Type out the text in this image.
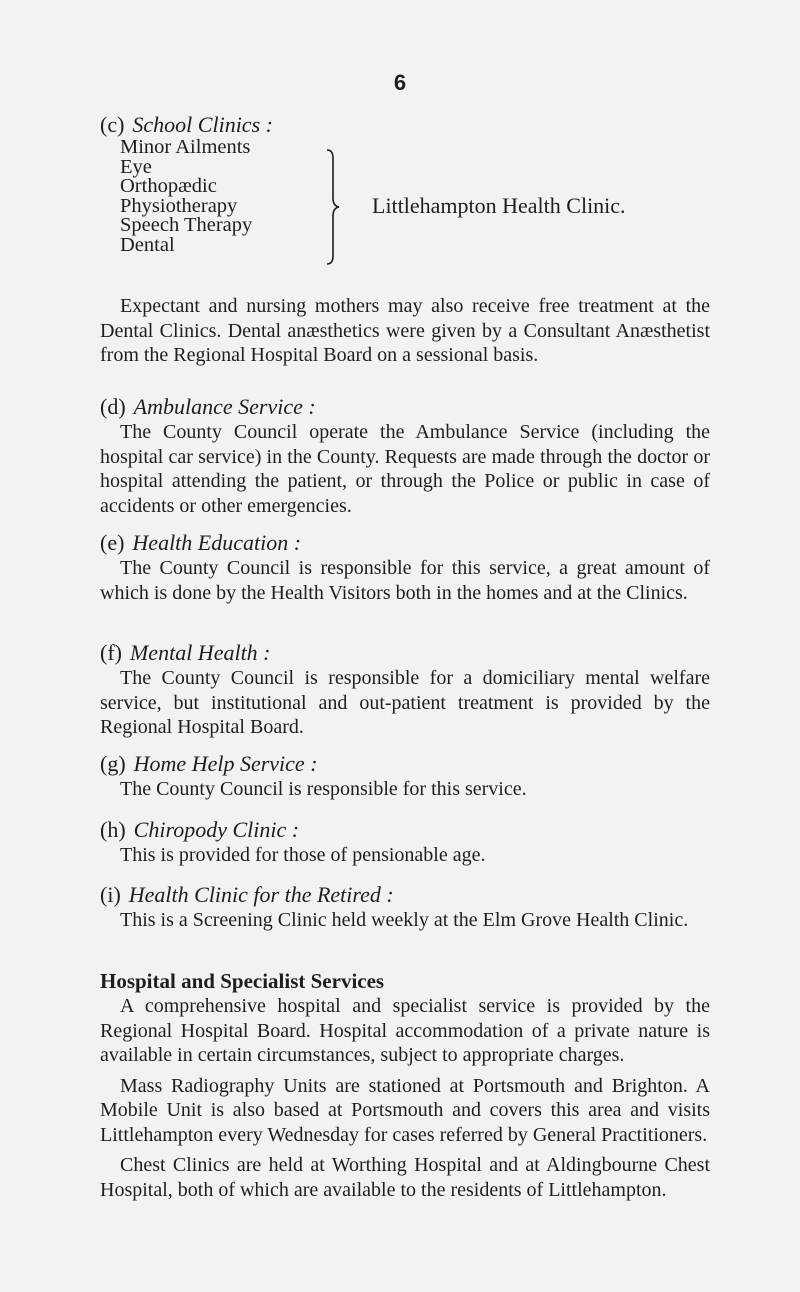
6

(c) School Clinics :

Minor Ailments
Eye
Orthopædic
Physiotherapy
Speech Therapy
Dental
Littlehampton Health Clinic.

Expectant and nursing mothers may also receive free treatment at the Dental Clinics. Dental anæsthetics were given by a Consultant Anæsthetist from the Regional Hospital Board on a sessional basis.

(d) Ambulance Service :

The County Council operate the Ambulance Service (including the hospital car service) in the County. Requests are made through the doctor or hospital attending the patient, or through the Police or public in case of accidents or other emergencies.

(e) Health Education :

The County Council is responsible for this service, a great amount of which is done by the Health Visitors both in the homes and at the Clinics.

(f) Mental Health :

The County Council is responsible for a domiciliary mental welfare service, but institutional and out-patient treatment is provided by the Regional Hospital Board.

(g) Home Help Service :

The County Council is responsible for this service.

(h) Chiropody Clinic :

This is provided for those of pensionable age.

(i) Health Clinic for the Retired :

This is a Screening Clinic held weekly at the Elm Grove Health Clinic.

Hospital and Specialist Services

A comprehensive hospital and specialist service is provided by the Regional Hospital Board. Hospital accommodation of a private nature is available in certain circumstances, subject to appropriate charges.

Mass Radiography Units are stationed at Portsmouth and Brighton. A Mobile Unit is also based at Portsmouth and covers this area and visits Littlehampton every Wednesday for cases referred by General Practitioners.

Chest Clinics are held at Worthing Hospital and at Aldingbourne Chest Hospital, both of which are available to the residents of Littlehampton.
